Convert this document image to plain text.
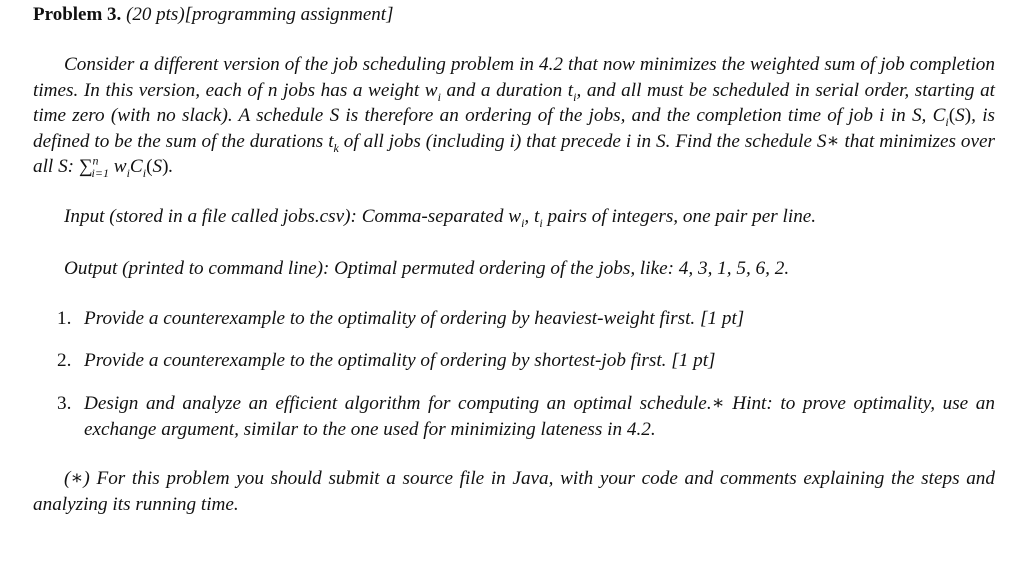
Problem 3. (20 pts)[programming assignment]
Consider a different version of the job scheduling problem in 4.2 that now minimizes the weighted sum of job completion times. In this version, each of n jobs has a weight $w_i$ and a duration $t_i$, and all must be scheduled in serial order, starting at time zero (with no slack). A schedule S is therefore an ordering of the jobs, and the completion time of job i in S, $C_i(S)$, is defined to be the sum of the durations $t_k$ of all jobs (including i) that precede i in S. Find the schedule S∗ that minimizes over all S: ∑$^n_{i=1}$ $w_iC_i(S)$.
Input (stored in a file called jobs.csv): Comma-separated $w_i$, $t_i$ pairs of integers, one pair per line.
Output (printed to command line): Optimal permuted ordering of the jobs, like: 4, 3, 1, 5, 6, 2.
1. Provide a counterexample to the optimality of ordering by heaviest-weight first. [1 pt]
2. Provide a counterexample to the optimality of ordering by shortest-job first. [1 pt]
3. Design and analyze an efficient algorithm for computing an optimal schedule.∗ Hint: to prove optimality, use an exchange argument, similar to the one used for minimizing lateness in 4.2.
(∗) For this problem you should submit a source file in Java, with your code and comments explaining the steps and analyzing its running time.
